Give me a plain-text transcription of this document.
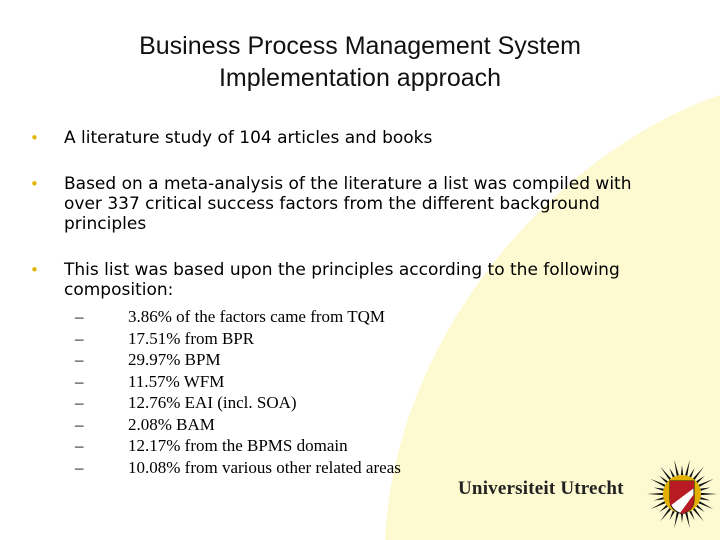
Business Process Management System
Implementation approach
• A literature study of 104 articles and books
• Based on a meta-analysis of the literature a list was compiled with over 337 critical success factors from the different background principles
• This list was based upon the principles according to the following composition:
–	3.86% of the factors came from TQM
–	17.51% from BPR
–	29.97% BPM
–	11.57% WFM
–	12.76% EAI (incl. SOA)
–	2.08% BAM
–	12.17% from the BPMS domain
–	10.08% from various other related areas
Universiteit Utrecht
